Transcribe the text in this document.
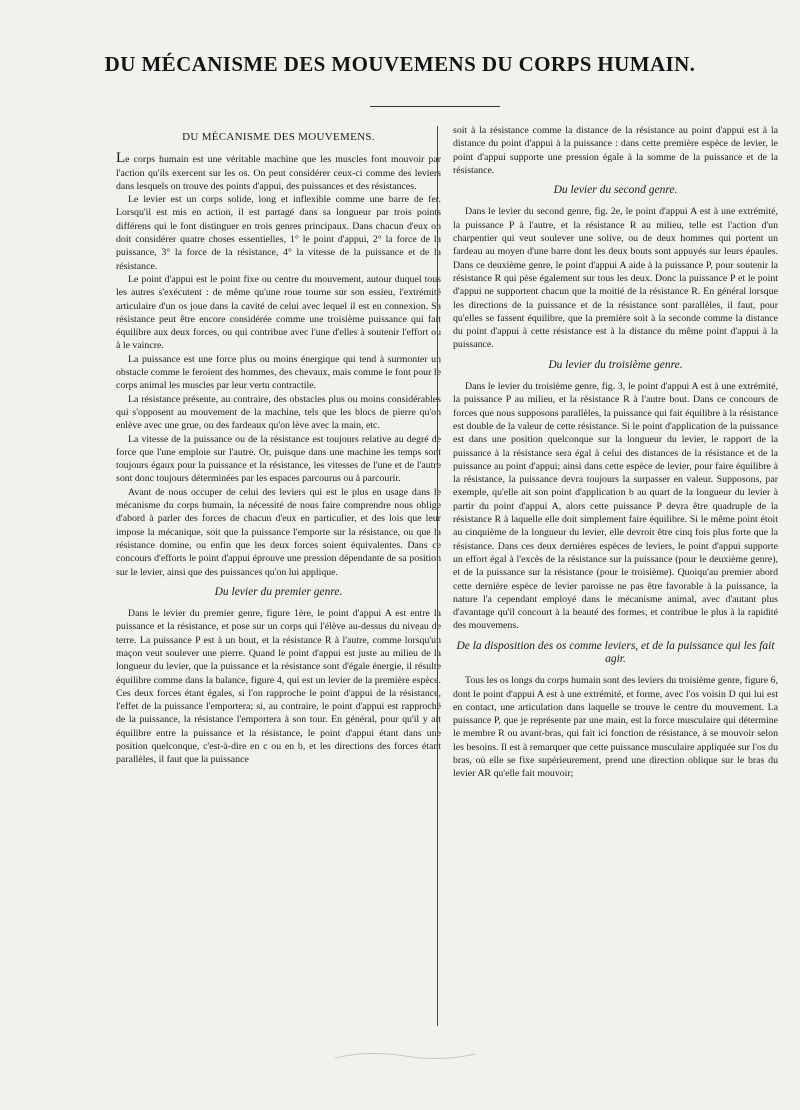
DU MÉCANISME DES MOUVEMENS DU CORPS HUMAIN.
DU MÉCANISME DES MOUVEMENS.

Le corps humain est une véritable machine que les muscles font mouvoir par l'action qu'ils exercent sur les os. On peut considérer ceux-ci comme des leviers dans lesquels on trouve des points d'appui, des puissances et des résistances.

Le levier est un corps solide, long et inflexible comme une barre de fer. Lorsqu'il est mis en action, il est partagé dans sa longueur par trois points différens qui le font distinguer en trois genres principaux. Dans chacun d'eux on doit considérer quatre choses essentielles, 1° le point d'appui, 2° la force de la puissance, 3° la force de la résistance, 4° la vitesse de la puissance et de la résistance.

Le point d'appui est le point fixe ou centre du mouvement, autour duquel tous les autres s'exécutent : de même qu'une roue tourne sur son essieu, l'extrémité articulaire d'un os joue dans la cavité de celui avec lequel il est en connexion. Sa résistance peut être encore considérée comme une troisième puissance qui fait équilibre aux deux forces, ou qui contribue avec l'une d'elles à soutenir l'effort ou à le vaincre.

La puissance est une force plus ou moins énergique qui tend à surmonter un obstacle comme le feroient des hommes, des chevaux, mais comme le font pour le corps animal les muscles par leur vertu contractile.

La résistance présente, au contraire, des obstacles plus ou moins considérables qui s'opposent au mouvement de la machine, tels que les blocs de pierre qu'on enlève avec une grue, ou des fardeaux qu'on lève avec la main, etc.

La vitesse de la puissance ou de la résistance est toujours relative au degré de force que l'une emploie sur l'autre. Or, puisque dans une machine les temps sont toujours égaux pour la puissance et la résistance, les vitesses de l'une et de l'autre sont donc toujours déterminées par les espaces parcourus ou à parcourir.

Avant de nous occuper de celui des leviers qui est le plus en usage dans le mécanisme du corps humain, la nécessité de nous faire comprendre nous oblige d'abord à parler des forces de chacun d'eux en particulier, et des lois que leur impose la mécanique, soit que la puissance l'emporte sur la résistance, ou que la résistance domine, ou enfin que les deux forces soient équivalentes. Dans ce concours d'efforts le point d'appui éprouve une pression dépendante de sa position sur le levier, ainsi que des puissances qu'on lui applique.

Du levier du premier genre.

Dans le levier du premier genre, figure 1ère, le point d'appui A est entre la puissance et la résistance, et pose sur un corps qui l'élève au-dessus du niveau de terre. La puissance P est à un bout, et la résistance R à l'autre, comme lorsqu'un maçon veut soulever une pierre. Quand le point d'appui est juste au milieu de la longueur du levier, que la puissance et la résistance sont d'égale énergie, il résulte équilibre comme dans la balance, figure 4, qui est un levier de la première espèce. Ces deux forces étant égales, si l'on rapproche le point d'appui de la résistance, l'effet de la puissance l'emportera; si, au contraire, le point d'appui est rapproché de la puissance, la résistance l'emportera à son tour. En général, pour qu'il y ait équilibre entre la puissance et la résistance, le point d'appui étant dans une position quelconque, c'est-à-dire en c ou en b, et les directions des forces étant parallèles, il faut que la puissance

soit à la résistance comme la distance de la résistance au point d'appui est à la distance du point d'appui à la puissance : dans cette première espèce de levier, le point d'appui supporte une pression égale à la somme de la puissance et de la résistance.

Du levier du second genre.

Dans le levier du second genre, fig. 2e, le point d'appui A est à une extrémité, la puissance P à l'autre, et la résistance R au milieu, telle est l'action d'un charpentier qui veut soulever une solive, ou de deux hommes qui portent un fardeau au moyen d'une barre dont les deux bouts sont appuyés sur leurs épaules. Dans ce deuxième genre, le point d'appui A aide à la puissance P, pour soutenir la résistance R qui pèse également sur tous les deux. Donc la puissance P et le point d'appui ne supportent chacun que la moitié de la résistance R. En général lorsque les directions de la puissance et de la résistance sont parallèles, il faut, pour qu'elles se fassent équilibre, que la première soit à la seconde comme la distance du point d'appui à cette résistance est à la distance du même point d'appui à la puissance.

Du levier du troisième genre.

Dans le levier du troisième genre, fig. 3, le point d'appui A est à une extrémité, la puissance P au milieu, et la résistance R à l'autre bout. Dans ce concours de forces que nous supposons parallèles, la puissance qui fait équilibre à la résistance est double de la valeur de cette résistance. Si le point d'application de la puissance est dans une position quelconque sur la longueur du levier, le rapport de la puissance à la résistance sera égal à celui des distances de la résistance et de la puissance au point d'appui; ainsi dans cette espèce de levier, pour faire équilibre à la résistance, la puissance devra toujours la surpasser en valeur. Supposons, par exemple, qu'elle ait son point d'application b au quart de la longueur du levier à partir du point d'appui A, alors cette puissance P devra être quadruple de la résistance R à laquelle elle doit simplement faire équilibre. Si le même point étoit au cinquième de la longueur du levier, elle devroit être cinq fois plus forte que la résistance. Dans ces deux dernières espèces de leviers, le point d'appui supporte un effort égal à l'excès de la résistance sur la puissance (pour le deuxième genre), et de la puissance sur la résistance (pour le troisième). Quoiqu'au premier abord cette dernière espèce de levier paroisse ne pas être favorable à la puissance, la nature l'a cependant employé dans le mécanisme animal, avec d'autant plus d'avantage qu'il concourt à la beauté des formes, et contribue le plus à la rapidité des mouvemens.

De la disposition des os comme leviers, et de la puissance qui les fait agir.

Tous les os longs du corps humain sont des leviers du troisième genre, figure 6, dont le point d'appui A est à une extrémité, et forme, avec l'os voisin D qui lui est en contact, une articulation dans laquelle se trouve le centre du mouvement. La puissance P, que je représente par une main, est la force musculaire qui détermine le membre R ou avant-bras, qui fait ici fonction de résistance, à se mouvoir selon les besoins. Il est à remarquer que cette puissance musculaire appliquée sur l'os du bras, où elle se fixe supérieurement, prend une direction oblique sur le bras du levier AR qu'elle fait mouvoir;
